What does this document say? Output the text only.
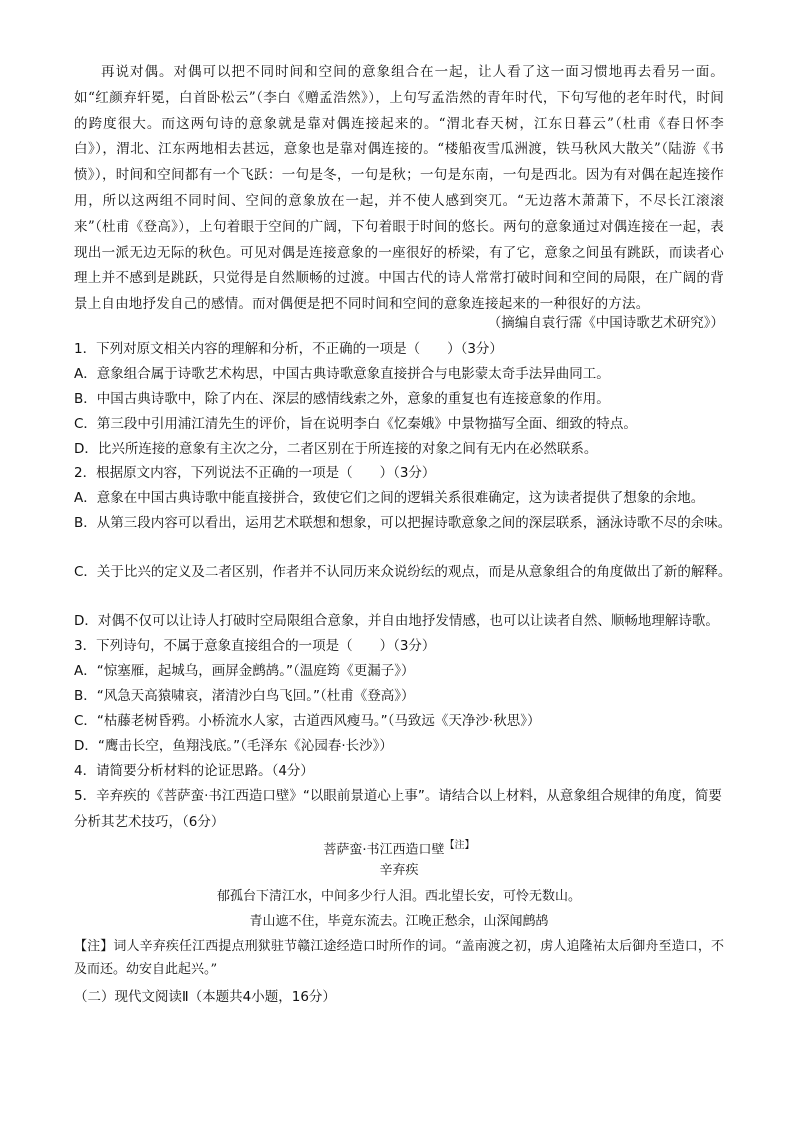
再说对偶。对偶可以把不同时间和空间的意象组合在一起，让人看了这一面习惯地再去看另一面。如“红颜弃轩冕，白首卧松云”（李白《赠孟浩然》），上句写孟浩然的青年时代，下句写他的老年时代，时间的跨度很大。而这两句诗的意象就是靠对偶连接起来的。“渭北春天树，江东日暮云”（杜甫《春日怀李白》），渭北、江东两地相去甚远，意象也是靠对偶连接的。“楼船夜雪瓜洲渡，铁马秋风大散关”（陆游《书愤》），时间和空间都有一个飞跃：一句是冬，一句是秋；一句是东南，一句是西北。因为有对偶在起连接作用，所以这两组不同时间、空间的意象放在一起，并不使人感到突兀。“无边落木萧萧下，不尽长江滚滚来”（杜甫《登高》），上句着眼于空间的广阔，下句着眼于时间的悠长。两句的意象通过对偶连接在一起，表现出一派无边无际的秋色。可见对偶是连接意象的一座很好的桥梁，有了它，意象之间虽有跳跃，而读者心理上并不感到是跳跃，只觉得是自然顺畅的过渡。中国古代的诗人常常打破时间和空间的局限，在广阔的背景上自由地抒发自己的感情。而对偶便是把不同时间和空间的意象连接起来的一种很好的方法。
（摘编自袁行霈《中国诗歌艺术研究》）
1．下列对原文相关内容的理解和分析，不正确的一项是（　　）（3分）
A．意象组合属于诗歌艺术构思，中国古典诗歌意象直接拼合与电影蒙太奇手法异曲同工。
B．中国古典诗歌中，除了内在、深层的感情线索之外，意象的重复也有连接意象的作用。
C．第三段中引用浦江清先生的评价，旨在说明李白《忆秦娥》中景物描写全面、细致的特点。
D．比兴所连接的意象有主次之分，二者区别在于所连接的对象之间有无内在必然联系。
2．根据原文内容，下列说法不正确的一项是（　　）（3分）
A．意象在中国古典诗歌中能直接拼合，致使它们之间的逻辑关系很难确定，这为读者提供了想象的余地。
B．从第三段内容可以看出，运用艺术联想和想象，可以把握诗歌意象之间的深层联系，涵泳诗歌不尽的余味。
C．关于比兴的定义及二者区别，作者并不认同历来众说纷纭的观点，而是从意象组合的角度做出了新的解释。
D．对偶不仅可以让诗人打破时空局限组合意象，并自由地抒发情感，也可以让读者自然、顺畅地理解诗歌。
3．下列诗句，不属于意象直接组合的一项是（　　）（3分）
A．“惊塞雁，起城乌，画屏金鹧鸪。”（温庭筠《更漏子》）
B．“风急天高猿啸哀，渚清沙白鸟飞回。”（杜甫《登高》）
C．“枯藤老树昏鸦。小桥流水人家，古道西风瘦马。”（马致远《天净沙·秋思》）
D．“鹰击长空，鱼翔浅底。”（毛泽东《沁园春·长沙》）
4．请简要分析材料的论证思路。（4分）
5．辛弃疾的《菩萨蛮·书江西造口壁》“以眼前景道心上事”。请结合以上材料，从意象组合规律的角度，简要分析其艺术技巧，（6分）
菩萨蛮·书江西造口壁$^{【注】}$
辛弃疾
郁孤台下清江水，中间多少行人泪。西北望长安，可怜无数山。
青山遮不住，毕竟东流去。江晚正愁余，山深闻鹧鸪
【注】词人辛弃疾任江西提点刑狱驻节赣江途经造口时所作的词。“盖南渡之初，虏人追隆祐太后御舟至造口，不及而还。幼安自此起兴。”
（二）现代文阅读Ⅱ（本题共4小题，16分）
